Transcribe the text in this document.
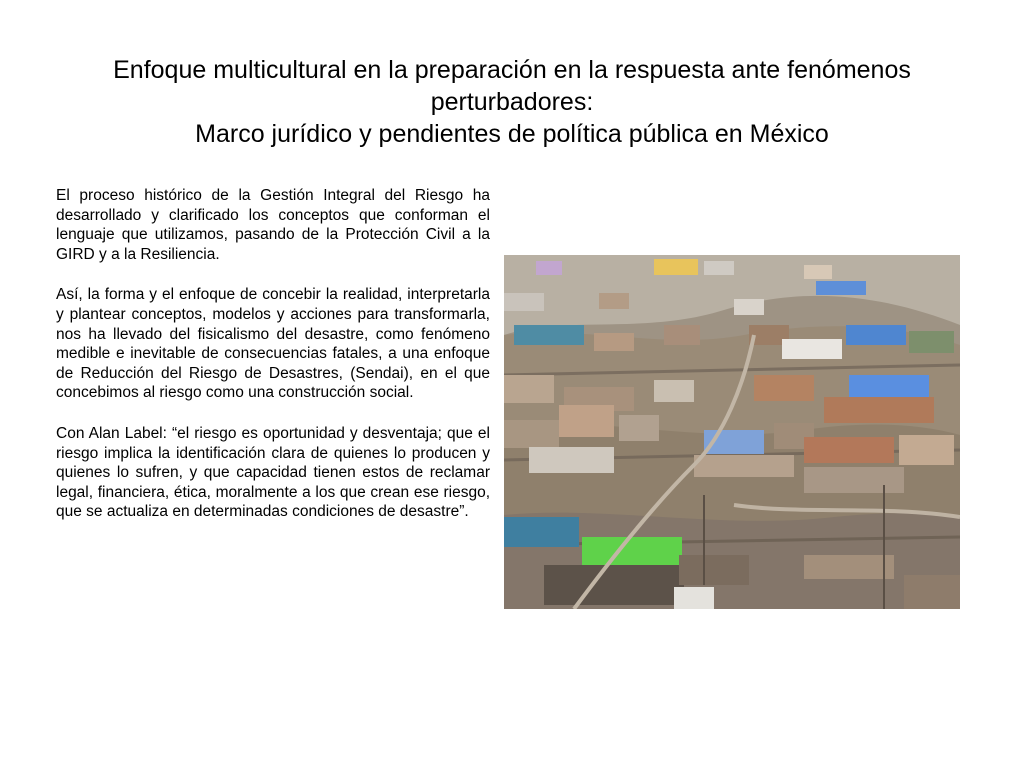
Enfoque multicultural en la preparación en la respuesta ante fenómenos
perturbadores:
Marco jurídico y pendientes de política pública en México

El proceso histórico de la Gestión Integral del Riesgo ha desarrollado y clarificado los conceptos que conforman el lenguaje que utilizamos, pasando de la Protección Civil a la GIRD y a la Resiliencia.

Así, la forma y el enfoque de concebir la realidad, interpretarla y plantear conceptos, modelos y acciones para transformarla, nos ha llevado del fisicalismo del desastre, como fenómeno medible e inevitable de consecuencias fatales, a una enfoque de Reducción del Riesgo de Desastres, (Sendai), en el que concebimos al riesgo como una construcción social.

Con Alan Label: “el riesgo es oportunidad y desventaja; que el riesgo implica la identificación clara de quienes lo producen y quienes lo sufren, y que capacidad tienen estos de reclamar legal, financiera, ética, moralmente a los que crean ese riesgo, que se actualiza en determinadas condiciones de desastre”.
